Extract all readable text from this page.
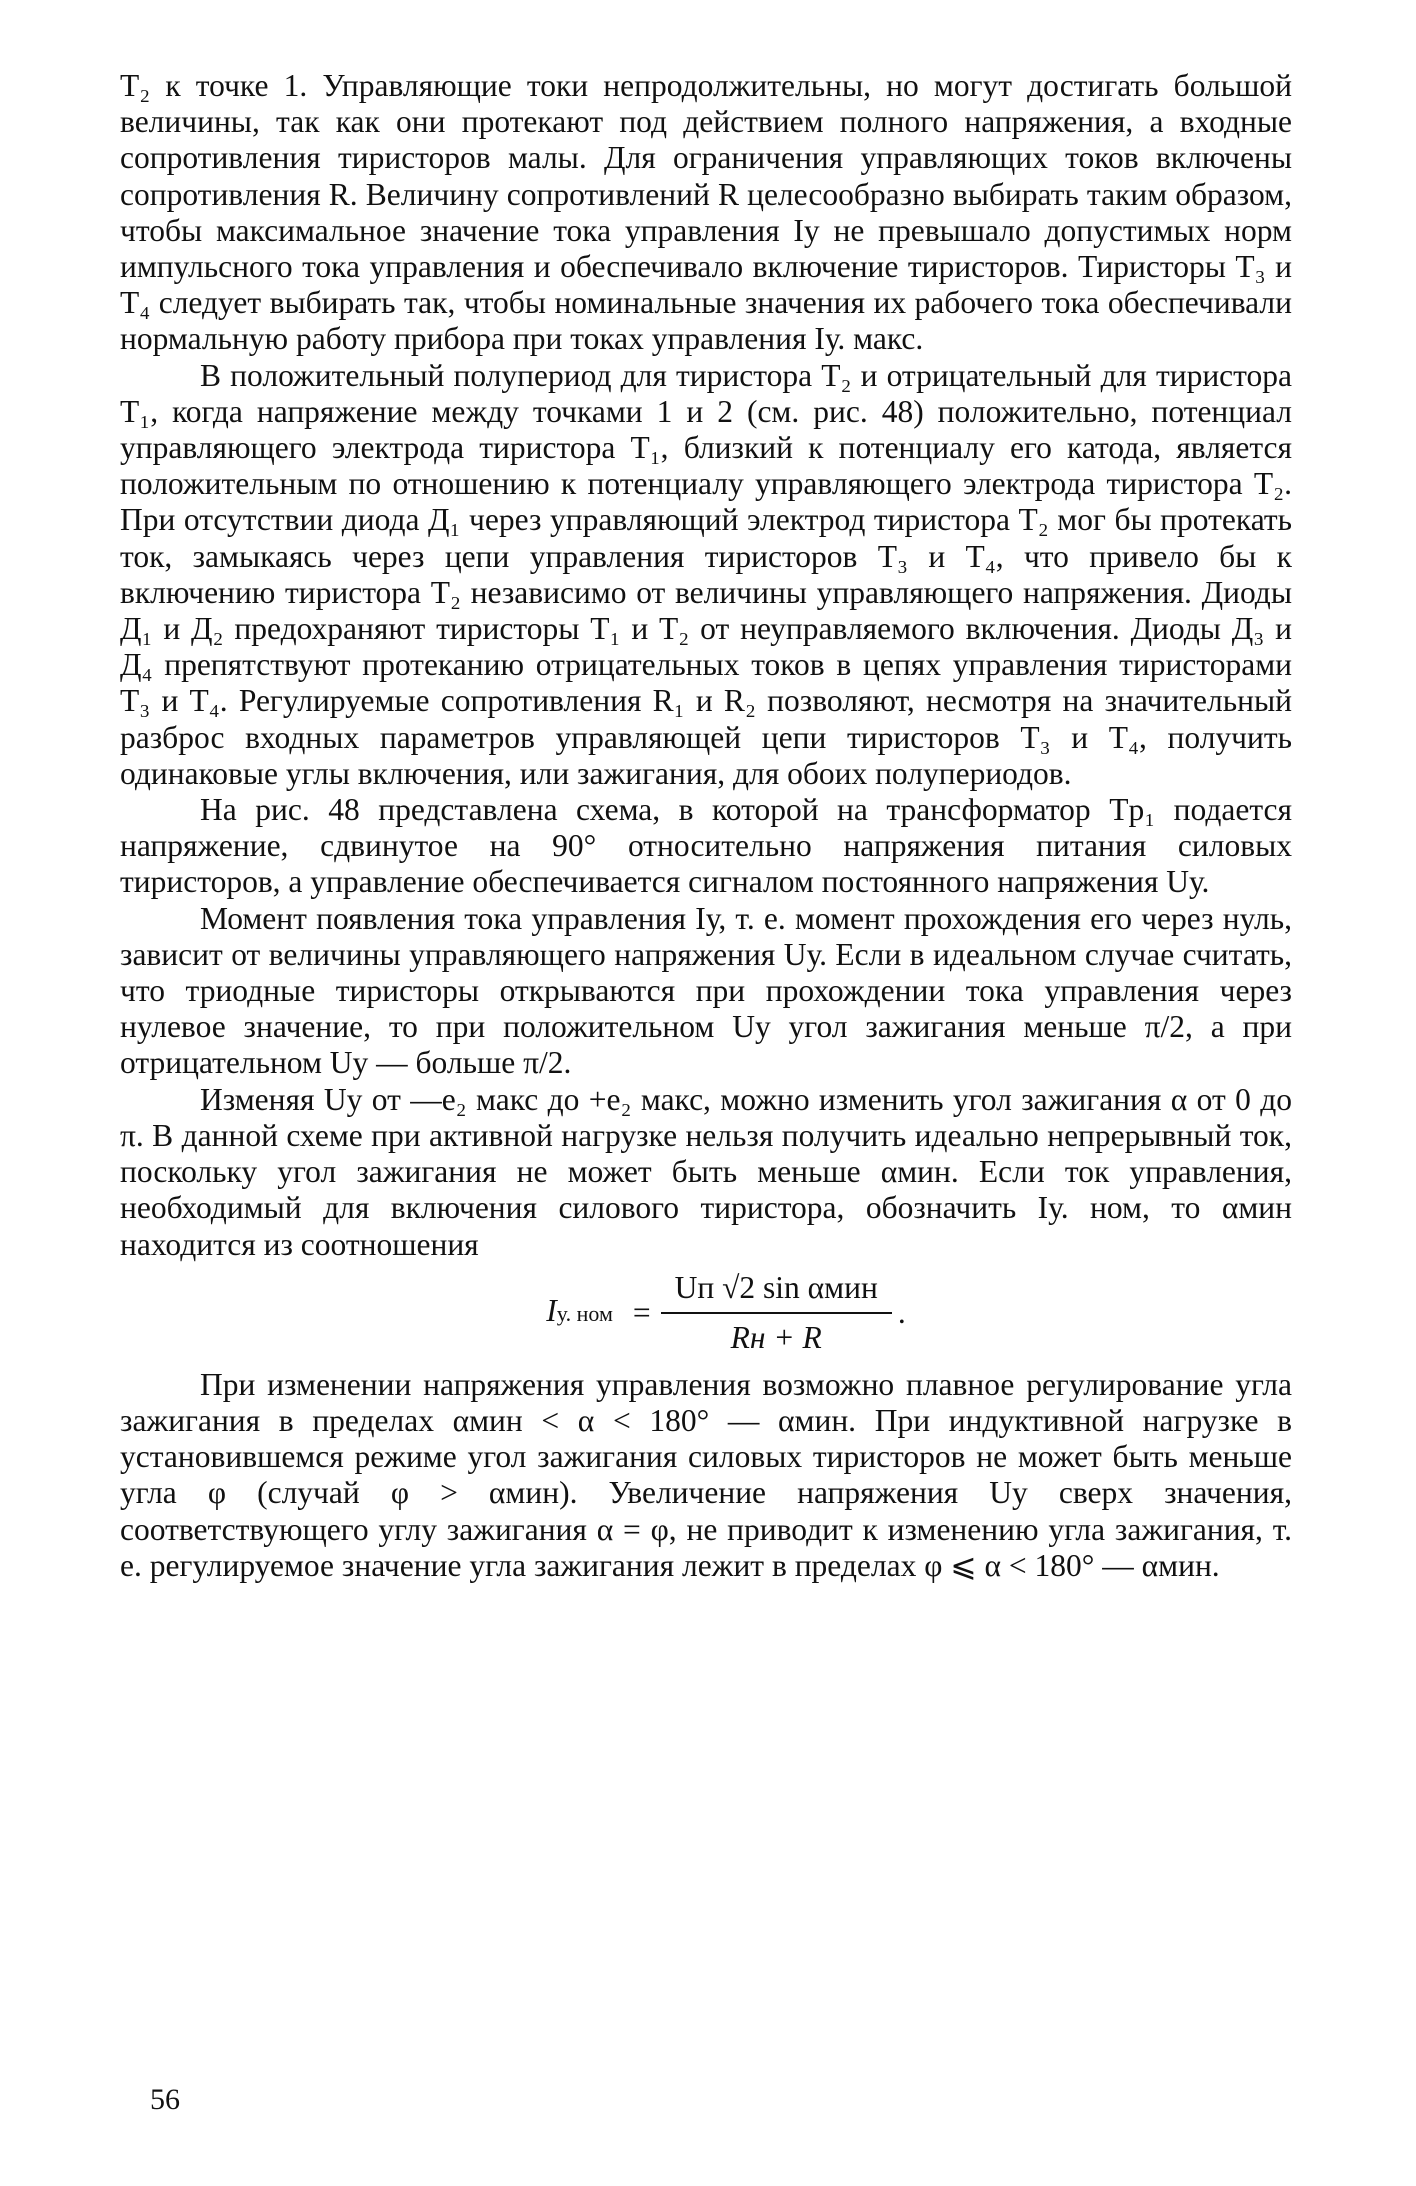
T₂ к точке 1. Управляющие токи непродолжительны, но могут достигать большой величины, так как они протекают под действием полного напряжения, а входные сопротивления тиристоров малы. Для ограничения управляющих токов включены сопротивления R. Величину сопротивлений R целесообразно выбирать таким образом, чтобы максимальное значение тока управления Iу не превышало допустимых норм импульсного тока управления и обеспечивало включение тиристоров. Тиристоры T₃ и T₄ следует выбирать так, чтобы номинальные значения их рабочего тока обеспечивали нормальную работу прибора при токах управления Iу. макс.

В положительный полупериод для тиристора T₂ и отрицательный для тиристора T₁, когда напряжение между точками 1 и 2 (см. рис. 48) положительно, потенциал управляющего электрода тиристора T₁, близкий к потенциалу его катода, является положительным по отношению к потенциалу управляющего электрода тиристора T₂. При отсутствии диода Д₁ через управляющий электрод тиристора T₂ мог бы протекать ток, замыкаясь через цепи управления тиристоров T₃ и T₄, что привело бы к включению тиристора T₂ независимо от величины управляющего напряжения. Диоды Д₁ и Д₂ предохраняют тиристоры T₁ и T₂ от неуправляемого включения. Диоды Д₃ и Д₄ препятствуют протеканию отрицательных токов в цепях управления тиристорами T₃ и T₄. Регулируемые сопротивления R₁ и R₂ позволяют, несмотря на значительный разброс входных параметров управляющей цепи тиристоров T₃ и T₄, получить одинаковые углы включения, или зажигания, для обоих полупериодов.

На рис. 48 представлена схема, в которой на трансформатор Tp₁ подается напряжение, сдвинутое на 90° относительно напряжения питания силовых тиристоров, а управление обеспечивается сигналом постоянного напряжения Uу.

Момент появления тока управления Iу, т. е. момент прохождения его через нуль, зависит от величины управляющего напряжения Uу. Если в идеальном случае считать, что триодные тиристоры открываются при прохождении тока управления через нулевое значение, то при положительном Uу угол зажигания меньше π/2, а при отрицательном Uу — больше π/2.

Изменяя Uу от —e₂ макс до +e₂ макс, можно изменить угол зажигания α от 0 до π. В данной схеме при активной нагрузке нельзя получить идеально непрерывный ток, поскольку угол зажигания не может быть меньше αмин. Если ток управления, необходимый для включения силового тиристора, обозначить Iу. ном, то αмин находится из соотношения

Iу. ном = $\frac{\text{Uп √2 sin αмин}}{Rн + R}$ .

При изменении напряжения управления возможно плавное регулирование угла зажигания в пределах αмин < α < 180° — αмин. При индуктивной нагрузке в установившемся режиме угол зажигания силовых тиристоров не может быть меньше угла φ (случай φ > αмин). Увеличение напряжения Uу сверх значения, соответствующего углу зажигания α = φ, не приводит к изменению угла зажигания, т. е. регулируемое значение угла зажигания лежит в пределах φ ⩽ α < 180° — αмин.

56
